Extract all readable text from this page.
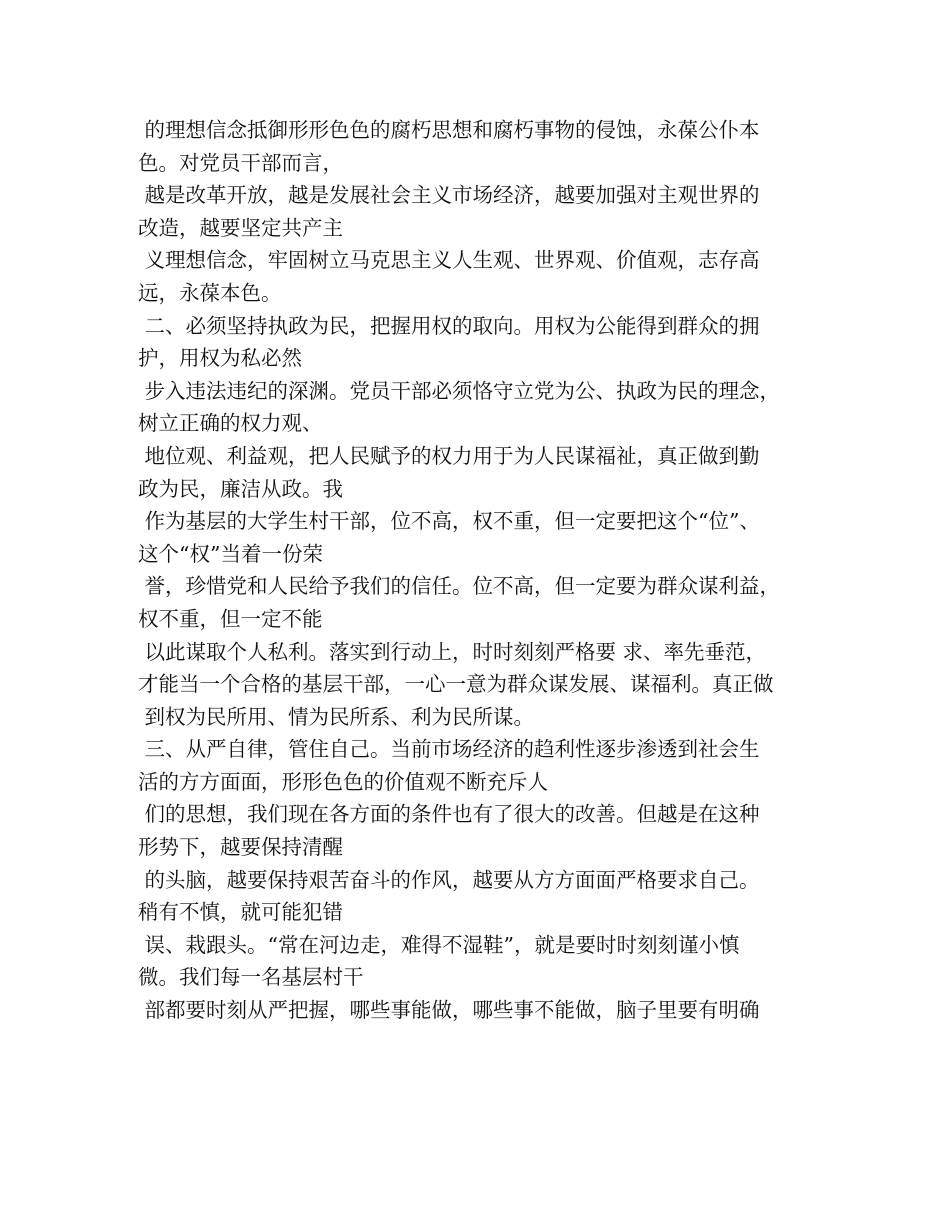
的理想信念抵御形形色色的腐朽思想和腐朽事物的侵蚀，永葆公仆本
色。对党员干部而言，
越是改革开放，越是发展社会主义市场经济，越要加强对主观世界的
改造，越要坚定共产主
义理想信念，牢固树立马克思主义人生观、世界观、价值观，志存高
远，永葆本色。
二、必须坚持执政为民，把握用权的取向。用权为公能得到群众的拥
护，用权为私必然
步入违法违纪的深渊。党员干部必须恪守立党为公、执政为民的理念，
树立正确的权力观、
地位观、利益观，把人民赋予的权力用于为人民谋福祉，真正做到勤
政为民，廉洁从政。我
作为基层的大学生村干部，位不高，权不重，但一定要把这个“位”、
这个“权”当着一份荣
誉，珍惜党和人民给予我们的信任。位不高，但一定要为群众谋利益，
权不重，但一定不能
以此谋取个人私利。落实到行动上，时时刻刻严格要 求、率先垂范，
才能当一个合格的基层干部，一心一意为群众谋发展、谋福利。真正做
到权为民所用、情为民所系、利为民所谋。
三、从严自律，管住自己。当前市场经济的趋利性逐步渗透到社会生
活的方方面面，形形色色的价值观不断充斥人
们的思想，我们现在各方面的条件也有了很大的改善。但越是在这种
形势下，越要保持清醒
的头脑，越要保持艰苦奋斗的作风，越要从方方面面严格要求自己。
稍有不慎，就可能犯错
误、栽跟头。“常在河边走，难得不湿鞋”，就是要时时刻刻谨小慎
微。我们每一名基层村干
部都要时刻从严把握，哪些事能做，哪些事不能做，脑子里要有明确
